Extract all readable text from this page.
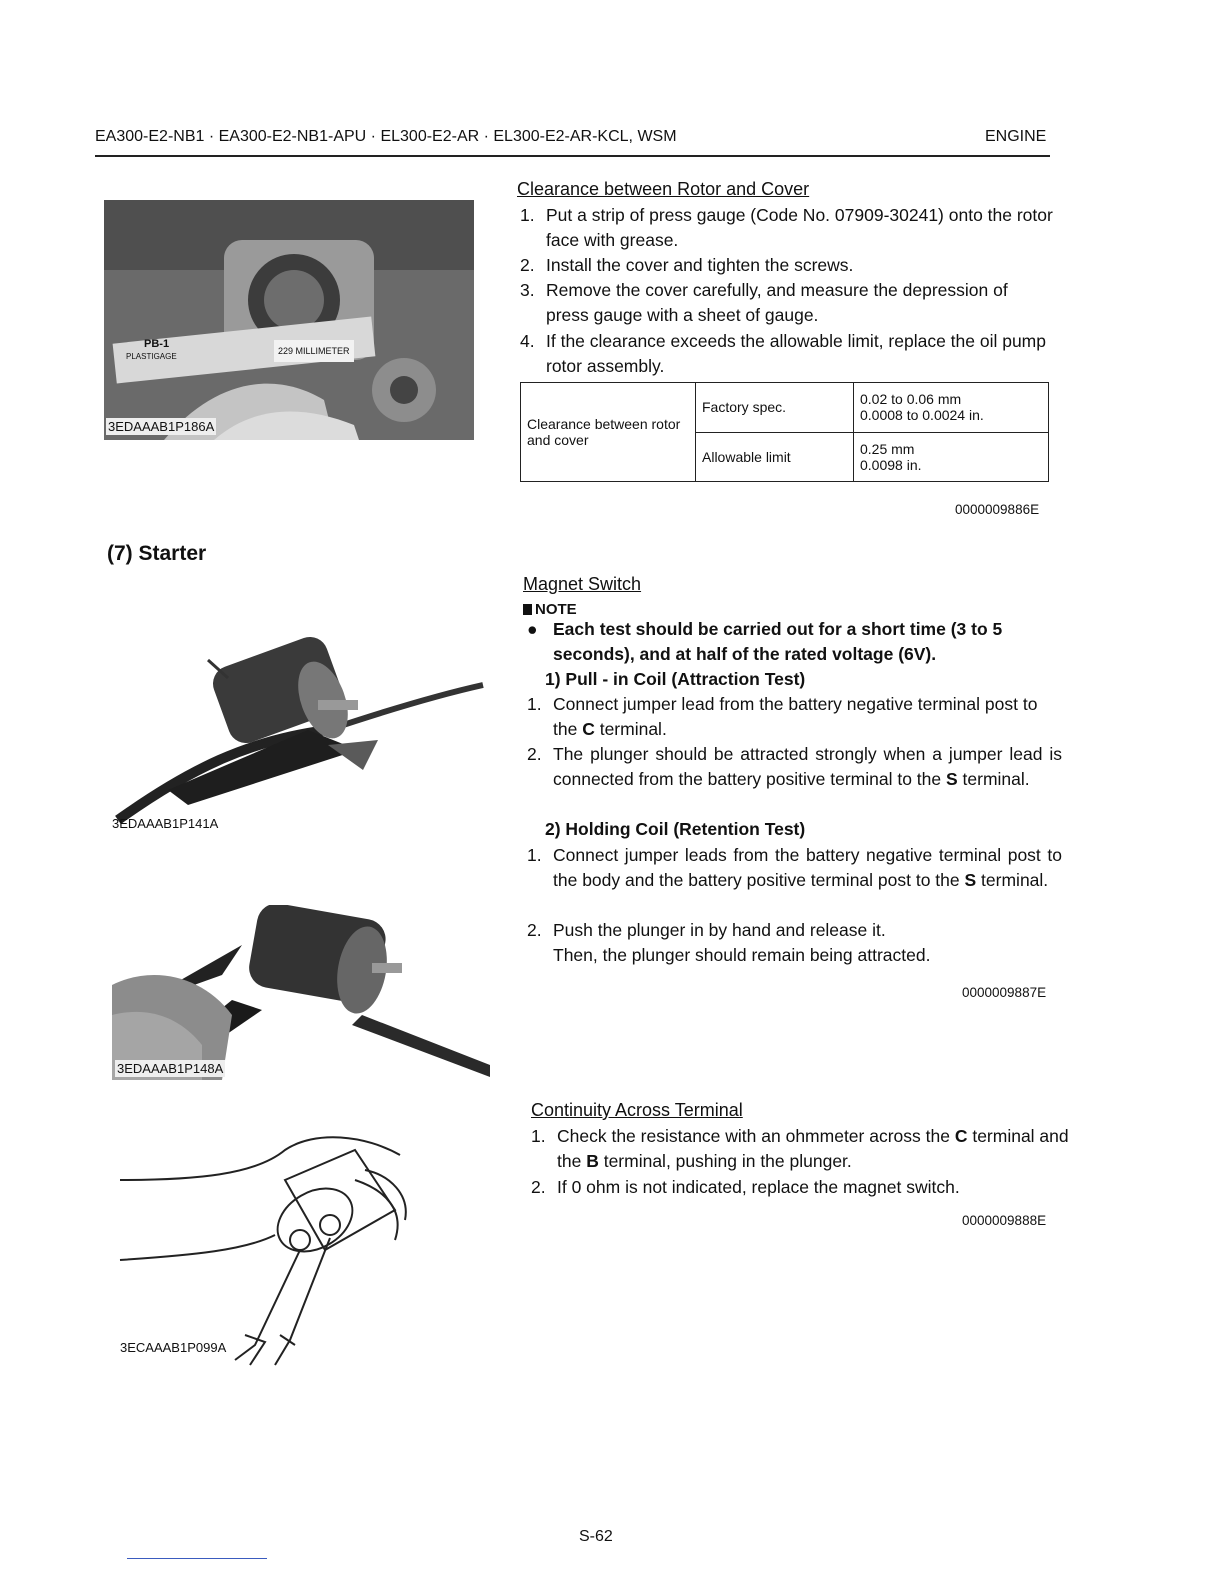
EA300-E2-NB1 · EA300-E2-NB1-APU · EL300-E2-AR · EL300-E2-AR-KCL, WSM	ENGINE
PB-1
PLASTIGAGE
229 MILLIMETER
3EDAAAB1P186A
Clearance between Rotor and Cover
1. Put a strip of press gauge (Code No. 07909-30241) onto the rotor face with grease.
2. Install the cover and tighten the screws.
3. Remove the cover carefully, and measure the depression of press gauge with a sheet of gauge.
4. If the clearance exceeds the allowable limit, replace the oil pump rotor assembly.
Clearance between rotor and cover	Factory spec.	0.02 to 0.06 mm
0.0008 to 0.0024 in.

	Allowable limit	0.25 mm
0.0098 in.
0000009886E
(7) Starter
3EDAAAB1P141A
Magnet Switch
NOTE
● Each test should be carried out for a short time (3 to 5 seconds), and at half of the rated voltage (6V).
1) Pull - in Coil (Attraction Test)
1. Connect jumper lead from the battery negative terminal post to the C terminal.
2. The plunger should be attracted strongly when a jumper lead is connected from the battery positive terminal to the S terminal.
2) Holding Coil (Retention Test)
1. Connect jumper leads from the battery negative terminal post to the body and the battery positive terminal post to the S terminal.
2. Push the plunger in by hand and release it.
Then, the plunger should remain being attracted.
0000009887E
3EDAAAB1P148A
Continuity Across Terminal
1. Check the resistance with an ohmmeter across the C terminal and the B terminal, pushing in the plunger.
2. If 0 ohm is not indicated, replace the magnet switch.
0000009888E
3ECAAAB1P099A
S-62
